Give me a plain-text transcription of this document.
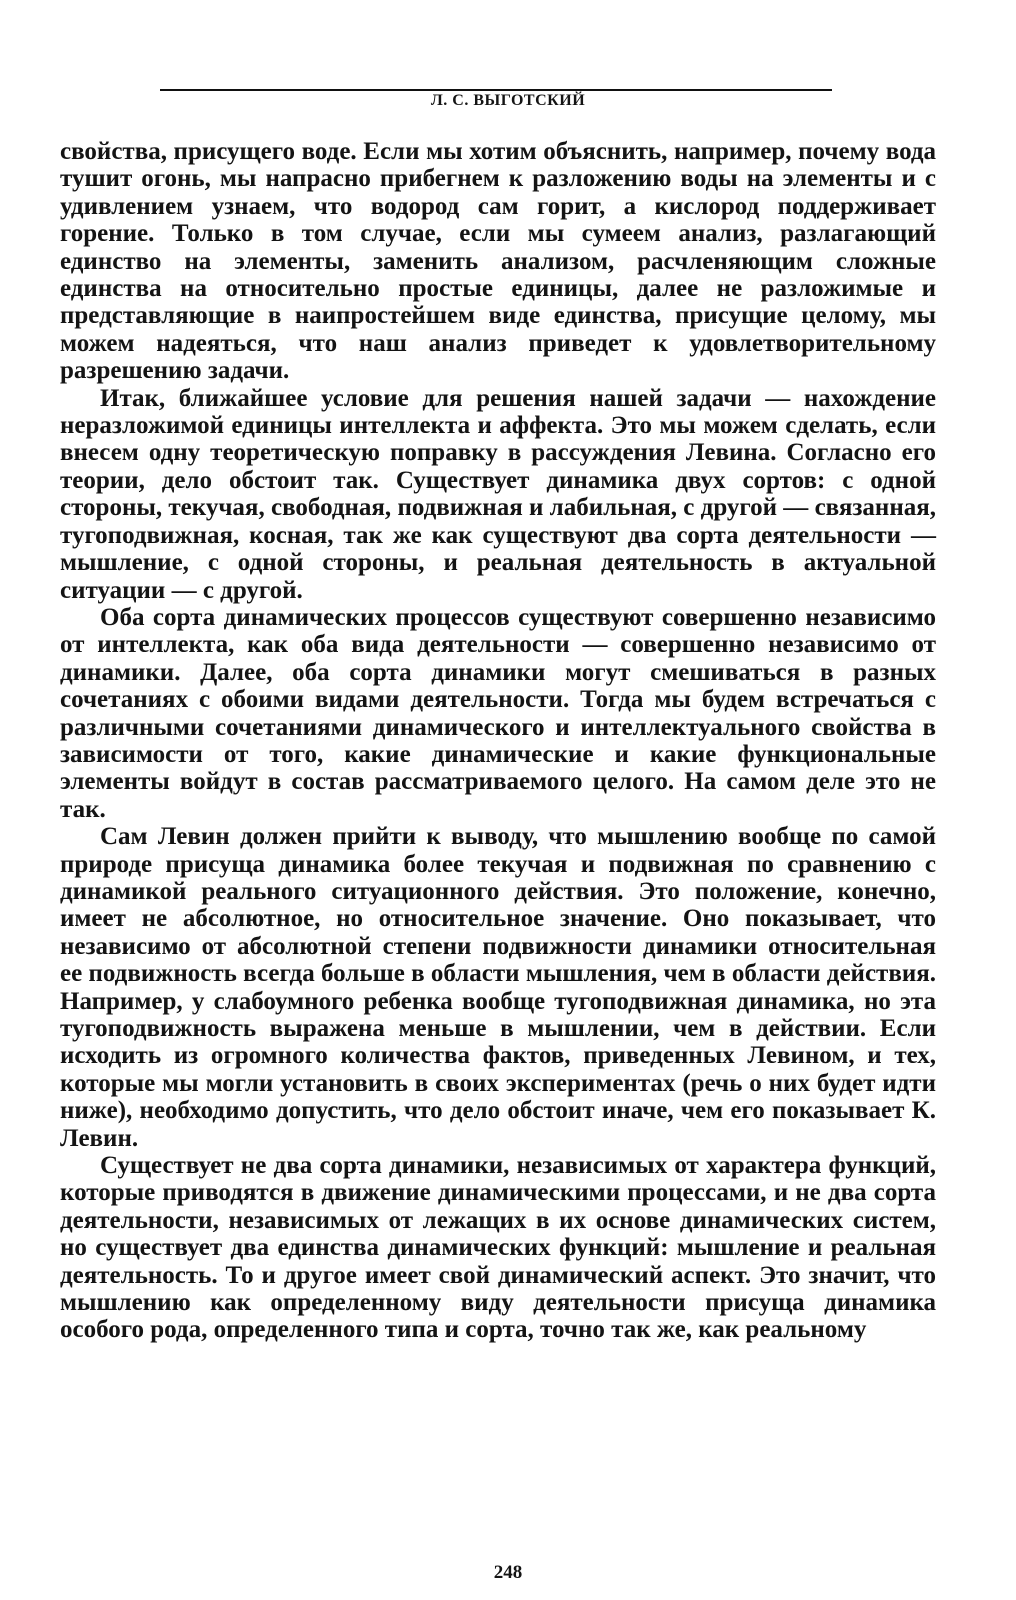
Л. С. ВЫГОТСКИЙ

свойства, присущего воде. Если мы хотим объяснить, например, почему вода тушит огонь, мы напрасно прибегнем к разложению воды на элементы и с удивлением узнаем, что водород сам горит, а кислород поддерживает горение. Только в том случае, если мы сумеем анализ, разлагающий единство на элементы, заменить анализом, расчленяющим сложные единства на относительно простые единицы, далее не разложимые и представляющие в наипростейшем виде единства, присущие целому, мы можем надеяться, что наш анализ приведет к удовлетворительному разрешению задачи.

Итак, ближайшее условие для решения нашей задачи — нахождение неразложимой единицы интеллекта и аффекта. Это мы можем сделать, если внесем одну теоретическую поправку в рассуждения Левина. Согласно его теории, дело обстоит так. Существует динамика двух сортов: с одной стороны, текучая, свободная, подвижная и лабильная, с другой — связанная, тугоподвижная, косная, так же как существуют два сорта деятельности — мышление, с одной стороны, и реальная деятельность в актуальной ситуации — с другой.

Оба сорта динамических процессов существуют совершенно независимо от интеллекта, как оба вида деятельности — совершенно независимо от динамики. Далее, оба сорта динамики могут смешиваться в разных сочетаниях с обоими видами деятельности. Тогда мы будем встречаться с различными сочетаниями динамического и интеллектуального свойства в зависимости от того, какие динамические и какие функциональные элементы войдут в состав рассматриваемого целого. На самом деле это не так.

Сам Левин должен прийти к выводу, что мышлению вообще по самой природе присуща динамика более текучая и подвижная по сравнению с динамикой реального ситуационного действия. Это положение, конечно, имеет не абсолютное, но относительное значение. Оно показывает, что независимо от абсолютной степени подвижности динамики относительная ее подвижность всегда больше в области мышления, чем в области действия. Например, у слабоумного ребенка вообще тугоподвижная динамика, но эта тугоподвижность выражена меньше в мышлении, чем в действии. Если исходить из огромного количества фактов, приведенных Левином, и тех, которые мы могли установить в своих экспериментах (речь о них будет идти ниже), необходимо допустить, что дело обстоит иначе, чем его показывает К. Левин.

Существует не два сорта динамики, независимых от характера функций, которые приводятся в движение динамическими процессами, и не два сорта деятельности, независимых от лежащих в их основе динамических систем, но существует два единства динамических функций: мышление и реальная деятельность. То и другое имеет свой динамический аспект. Это значит, что мышлению как определенному виду деятельности присуща динамика особого рода, определенного типа и сорта, точно так же, как реальному

248
